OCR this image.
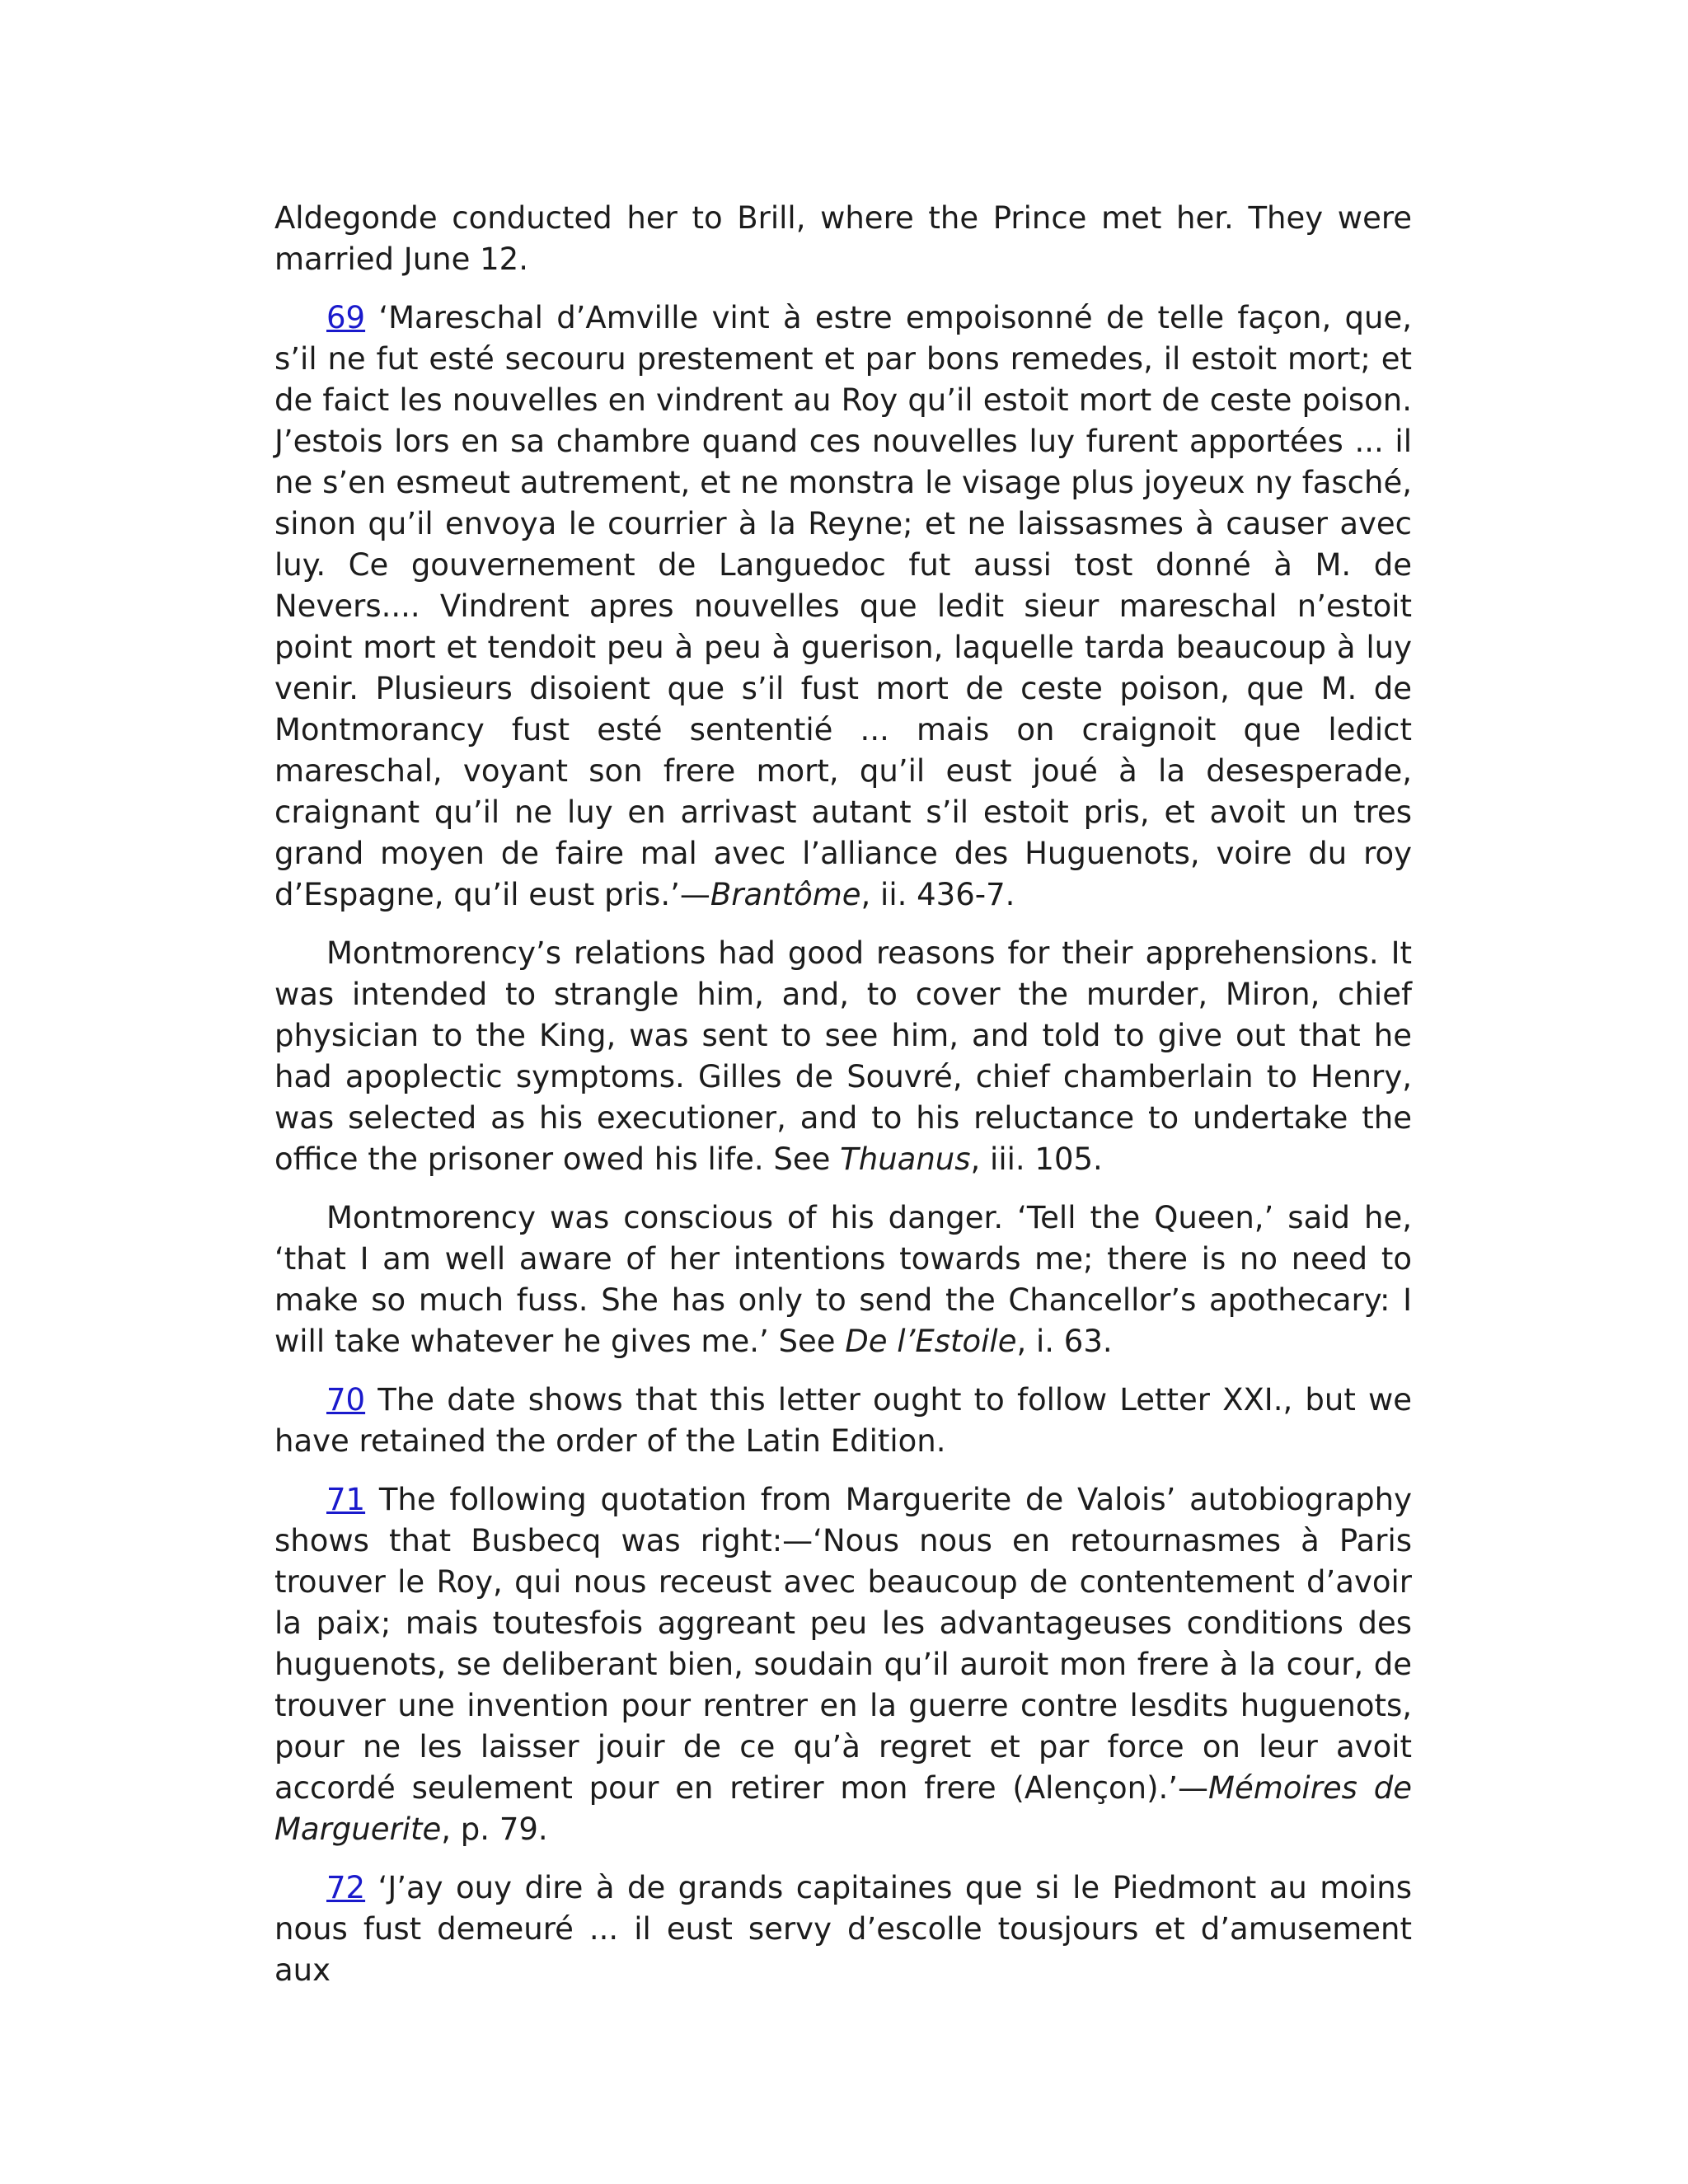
Aldegonde conducted her to Brill, where the Prince met her. They were married June 12.

69 ‘Mareschal d’Amville vint à estre empoisonné de telle façon, que, s’il ne fut esté secouru prestement et par bons remedes, il estoit mort; et de faict les nouvelles en vindrent au Roy qu’il estoit mort de ceste poison. J’estois lors en sa chambre quand ces nouvelles luy furent apportées ... il ne s’en esmeut autrement, et ne monstra le visage plus joyeux ny fasché, sinon qu’il envoya le courrier à la Reyne; et ne laissasmes à causer avec luy. Ce gouvernement de Languedoc fut aussi tost donné à M. de Nevers.... Vindrent apres nouvelles que ledit sieur mareschal n’estoit point mort et tendoit peu à peu à guerison, laquelle tarda beaucoup à luy venir. Plusieurs disoient que s’il fust mort de ceste poison, que M. de Montmorancy fust esté sententié ... mais on craignoit que ledict mareschal, voyant son frere mort, qu’il eust joué à la desesperade, craignant qu’il ne luy en arrivast autant s’il estoit pris, et avoit un tres grand moyen de faire mal avec l’alliance des Huguenots, voire du roy d’Espagne, qu’il eust pris.’—Brantôme, ii. 436-7.

Montmorency’s relations had good reasons for their apprehensions. It was intended to strangle him, and, to cover the murder, Miron, chief physician to the King, was sent to see him, and told to give out that he had apoplectic symptoms. Gilles de Souvré, chief chamberlain to Henry, was selected as his executioner, and to his reluctance to undertake the office the prisoner owed his life. See Thuanus, iii. 105.

Montmorency was conscious of his danger. ‘Tell the Queen,’ said he, ‘that I am well aware of her intentions towards me; there is no need to make so much fuss. She has only to send the Chancellor’s apothecary: I will take whatever he gives me.’ See De l’Estoile, i. 63.

70 The date shows that this letter ought to follow Letter XXI., but we have retained the order of the Latin Edition.

71 The following quotation from Marguerite de Valois’ autobiography shows that Busbecq was right:—‘Nous nous en retournasmes à Paris trouver le Roy, qui nous receust avec beaucoup de contentement d’avoir la paix; mais toutesfois aggreant peu les advantageuses conditions des huguenots, se deliberant bien, soudain qu’il auroit mon frere à la cour, de trouver une invention pour rentrer en la guerre contre lesdits huguenots, pour ne les laisser jouir de ce qu’à regret et par force on leur avoit accordé seulement pour en retirer mon frere (Alençon).’—Mémoires de Marguerite, p. 79.

72 ‘J’ay ouy dire à de grands capitaines que si le Piedmont au moins nous fust demeuré ... il eust servy d’escolle tousjours et d’amusement aux
